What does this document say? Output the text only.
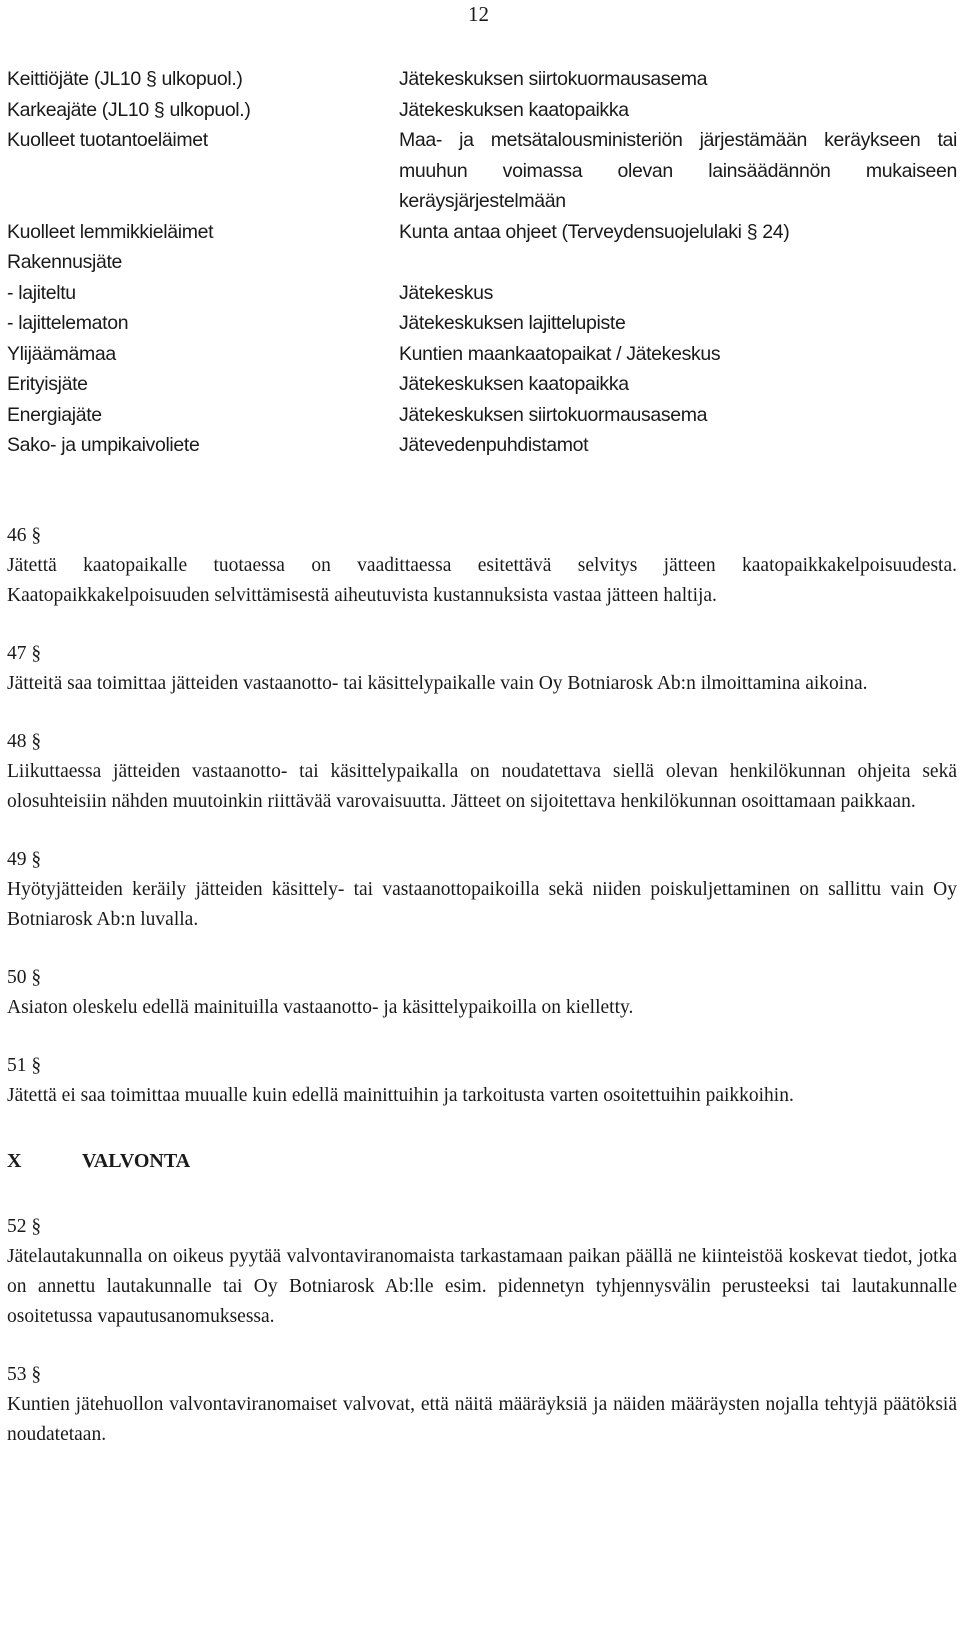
12
Keittiöjäte (JL10 § ulkopuol.)	Jätekeskuksen siirtokuormausasema
Karkeajäte (JL10 § ulkopuol.)	Jätekeskuksen kaatopaikka
Kuolleet tuotantoeläimet	Maa- ja metsätalousministeriön järjestämään keräykseen tai muuhun voimassa olevan lainsäädännön mukaiseen keräysjärjestelmään
Kuolleet lemmikkieläimet	Kunta antaa ohjeet (Terveydensuojelulaki § 24)
Rakennusjäte	
- lajiteltu	Jätekeskus
- lajittelematon	Jätekeskuksen lajittelupiste
Ylijäämämaa	Kuntien maankaatopaikat / Jätekeskus
Erityisjäte	Jätekeskuksen kaatopaikka
Energiajäte	Jätekeskuksen siirtokuormausasema
Sako- ja umpikaivoliete	Jätevedenpuhdistamot
46 §
Jätettä kaatopaikalle tuotaessa on vaadittaessa esitettävä selvitys jätteen kaatopaikkakelpoisuudesta. Kaatopaikkakelpoisuuden selvittämisestä aiheutuvista kustannuksista vastaa jätteen haltija.
47 §
Jätteitä saa toimittaa jätteiden vastaanotto- tai käsittelypaikalle vain Oy Botniarosk Ab:n ilmoittamina aikoina.
48 §
Liikuttaessa jätteiden vastaanotto- tai käsittelypaikalla on noudatettava siellä olevan henkilökunnan ohjeita sekä olosuhteisiin nähden muutoinkin riittävää varovaisuutta. Jätteet on sijoitettava henkilökunnan osoittamaan paikkaan.
49 §
Hyötyjätteiden keräily jätteiden käsittely- tai vastaanottopaikoilla sekä niiden poiskuljettaminen on sallittu vain Oy Botniarosk Ab:n luvalla.
50 §
Asiaton oleskelu edellä mainituilla vastaanotto- ja käsittelypaikoilla on kielletty.
51 §
Jätettä ei saa toimittaa muualle kuin edellä mainittuihin ja tarkoitusta varten osoitettuihin paikkoihin.
X	VALVONTA
52 §
Jätelautakunnalla on oikeus pyytää valvontaviranomaista tarkastamaan paikan päällä ne kiinteistöä koskevat tiedot, jotka on annettu lautakunnalle tai Oy Botniarosk Ab:lle esim. pidennetyn tyhjennysvälin perusteeksi tai lautakunnalle osoitetussa vapautusanomuksessa.
53 §
Kuntien jätehuollon valvontaviranomaiset valvovat, että näitä määräyksiä ja näiden määräysten nojalla tehtyjä päätöksiä noudatetaan.
